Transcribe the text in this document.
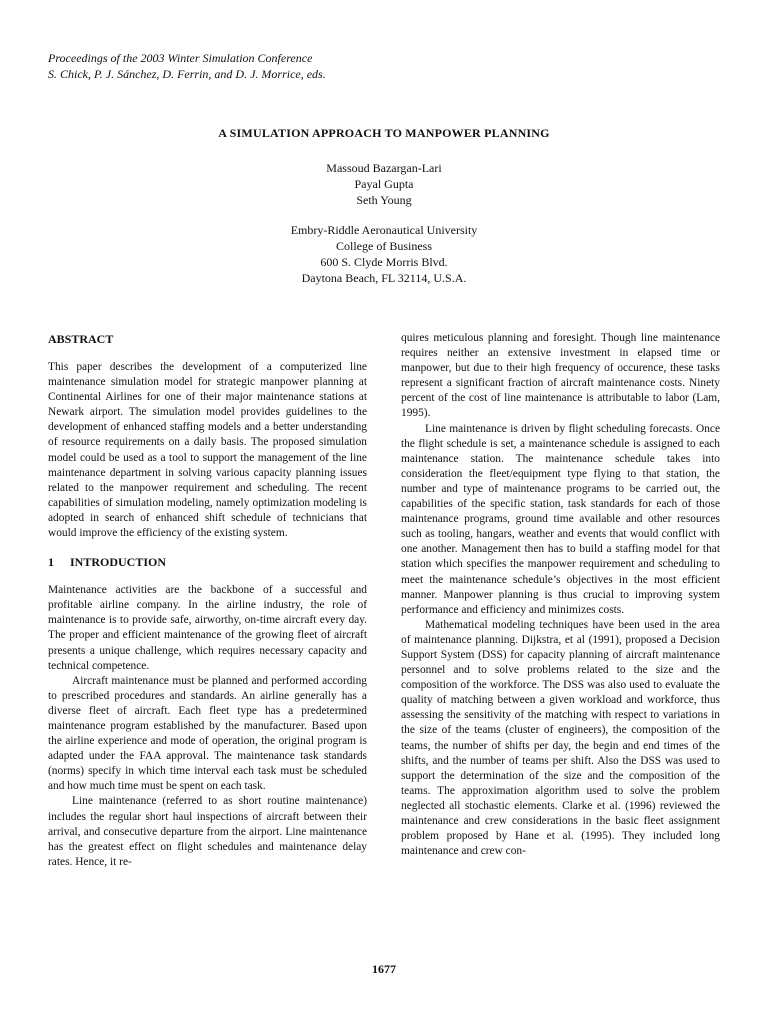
Proceedings of the 2003 Winter Simulation Conference
S. Chick, P. J. Sánchez, D. Ferrin, and D. J. Morrice, eds.
A SIMULATION APPROACH TO MANPOWER PLANNING
Massoud Bazargan-Lari
Payal Gupta
Seth Young
Embry-Riddle Aeronautical University
College of Business
600 S. Clyde Morris Blvd.
Daytona Beach, FL 32114, U.S.A.
ABSTRACT

This paper describes the development of a computerized line maintenance simulation model for strategic manpower planning at Continental Airlines for one of their major maintenance stations at Newark airport. The simulation model provides guidelines to the development of enhanced staffing models and a better understanding of resource requirements on a daily basis. The proposed simulation model could be used as a tool to support the management of the line maintenance department in solving various capacity planning issues related to the manpower requirement and scheduling. The recent capabilities of simulation modeling, namely optimization modeling is adopted in search of enhanced shift schedule of technicians that would improve the efficiency of the existing system.

1 INTRODUCTION

Maintenance activities are the backbone of a successful and profitable airline company. In the airline industry, the role of maintenance is to provide safe, airworthy, on-time aircraft every day. The proper and efficient maintenance of the growing fleet of aircraft presents a unique challenge, which requires necessary capacity and technical competence.

Aircraft maintenance must be planned and performed according to prescribed procedures and standards. An airline generally has a diverse fleet of aircraft. Each fleet type has a predetermined maintenance program established by the manufacturer. Based upon the airline experience and mode of operation, the original program is adapted under the FAA approval. The maintenance task standards (norms) specify in which time interval each task must be scheduled and how much time must be spent on each task.

Line maintenance (referred to as short routine maintenance) includes the regular short haul inspections of aircraft between their arrival, and consecutive departure from the airport. Line maintenance has the greatest effect on flight schedules and maintenance delay rates. Hence, it re-

quires meticulous planning and foresight. Though line maintenance requires neither an extensive investment in elapsed time or manpower, but due to their high frequency of occurence, these tasks represent a significant fraction of aircraft maintenance costs. Ninety percent of the cost of line maintenance is attributable to labor (Lam, 1995).

Line maintenance is driven by flight scheduling forecasts. Once the flight schedule is set, a maintenance schedule is assigned to each maintenance station. The maintenance schedule takes into consideration the fleet/equipment type flying to that station, the number and type of maintenance programs to be carried out, the capabilities of the specific station, task standards for each of those maintenance programs, ground time available and other resources such as tooling, hangars, weather and events that would conflict with one another. Management then has to build a staffing model for that station which specifies the manpower requirement and scheduling to meet the maintenance schedule’s objectives in the most efficient manner. Manpower planning is thus crucial to improving system performance and efficiency and minimizes costs.

Mathematical modeling techniques have been used in the area of maintenance planning. Dijkstra, et al (1991), proposed a Decision Support System (DSS) for capacity planning of aircraft maintenance personnel and to solve problems related to the size and the composition of the workforce. The DSS was also used to evaluate the quality of matching between a given workload and workforce, thus assessing the sensitivity of the matching with respect to variations in the size of the teams (cluster of engineers), the composition of the teams, the number of shifts per day, the begin and end times of the shifts, and the number of teams per shift. Also the DSS was used to support the determination of the size and the composition of the teams. The approximation algorithm used to solve the problem neglected all stochastic elements. Clarke et al. (1996) reviewed the maintenance and crew considerations in the basic fleet assignment problem proposed by Hane et al. (1995). They included long maintenance and crew con-

1677
